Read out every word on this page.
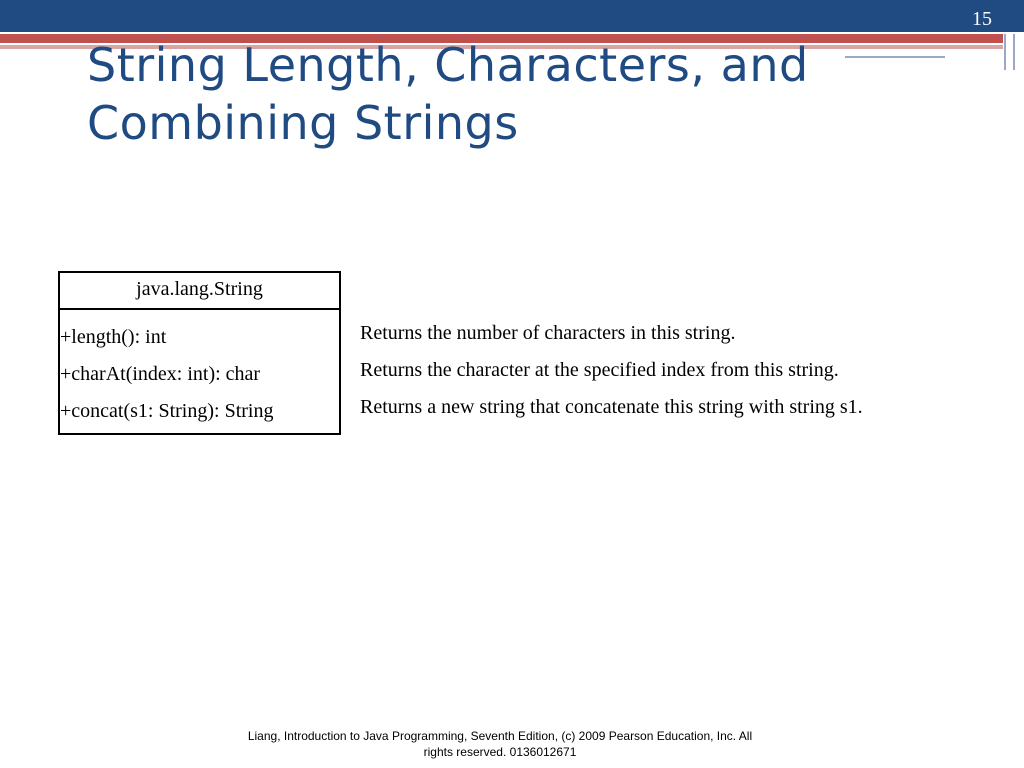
15
String Length, Characters, and
Combining Strings
java.lang.String
+length(): int
+charAt(index: int): char
+concat(s1: String): String
Returns the number of characters in this string.
Returns the character at the specified index from this string.
Returns a new string that concatenate this string with string s1.
Liang, Introduction to Java Programming, Seventh Edition, (c) 2009 Pearson Education, Inc. All
rights reserved. 0136012671
